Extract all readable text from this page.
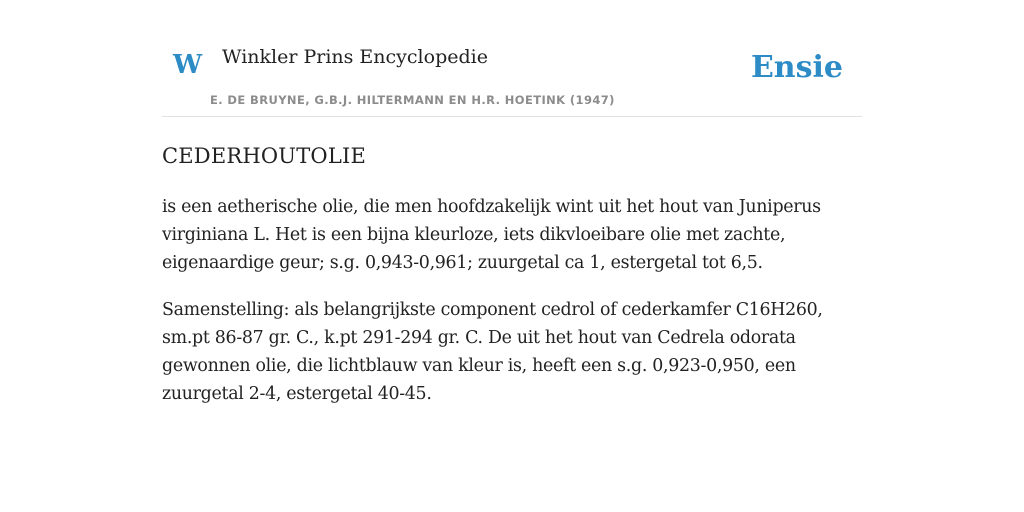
W Winkler Prins Encyclopedie
E. DE BRUYNE, G.B.J. HILTERMANN EN H.R. HOETINK (1947)
Ensie
CEDERHOUTOLIE

is een aetherische olie, die men hoofdzakelijk wint uit het hout van Juniperus virginiana L. Het is een bijna kleurloze, iets dikvloeibare olie met zachte, eigenaardige geur; s.g. 0,943-0,961; zuurgetal ca 1, estergetal tot 6,5.

Samenstelling: als belangrijkste component cedrol of cederkamfer C16H260, sm.pt 86-87 gr. C., k.pt 291-294 gr. C. De uit het hout van Cedrela odorata gewonnen olie, die lichtblauw van kleur is, heeft een s.g. 0,923-0,950, een zuurgetal 2-4, estergetal 40-45.
